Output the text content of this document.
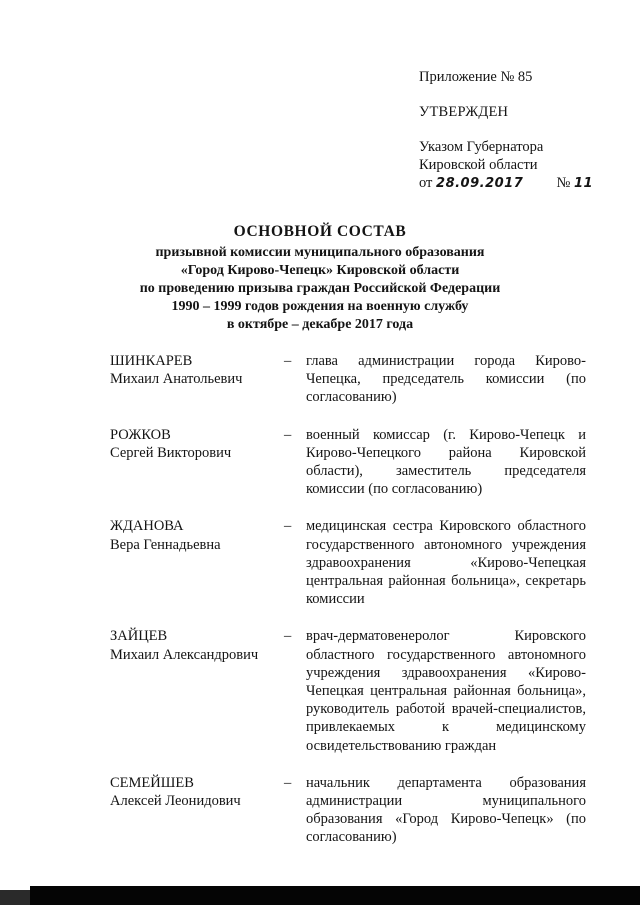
Приложение № 85

УТВЕРЖДЕН

Указом Губернатора

Кировской области

от 28.09.2017 № 11

ОСНОВНОЙ СОСТАВ

призывной комиссии муниципального образования

«Город Кирово-Чепецк» Кировской области

по проведению призыва граждан Российской Федерации

1990 – 1999 годов рождения на военную службу

в октябре – декабре 2017 года

ШИНКАРЕВ
Михаил Анатольевич
–	глава администрации города Кирово-Чепецка, председатель комиссии (по согласованию)
РОЖКОВ
Сергей Викторович
–	военный комиссар (г. Кирово-Чепецк и Кирово-Чепецкого района Кировской области), заместитель председателя комиссии (по согласованию)
ЖДАНОВА
Вера Геннадьевна
–	медицинская сестра Кировского областного государственного автономного учреждения здравоохранения «Кирово-Чепецкая центральная районная больница», секретарь комиссии
ЗАЙЦЕВ
Михаил Александрович
–	врач-дерматовенеролог Кировского областного государственного автономного учреждения здравоохранения «Кирово-Чепецкая центральная районная больница», руководитель работой врачей-специалистов, привлекаемых к медицинскому освидетельствованию граждан
СЕМЕЙШЕВ
Алексей Леонидович
–	начальник департамента образования администрации муниципального образования «Город Кирово-Чепецк» (по согласованию)
